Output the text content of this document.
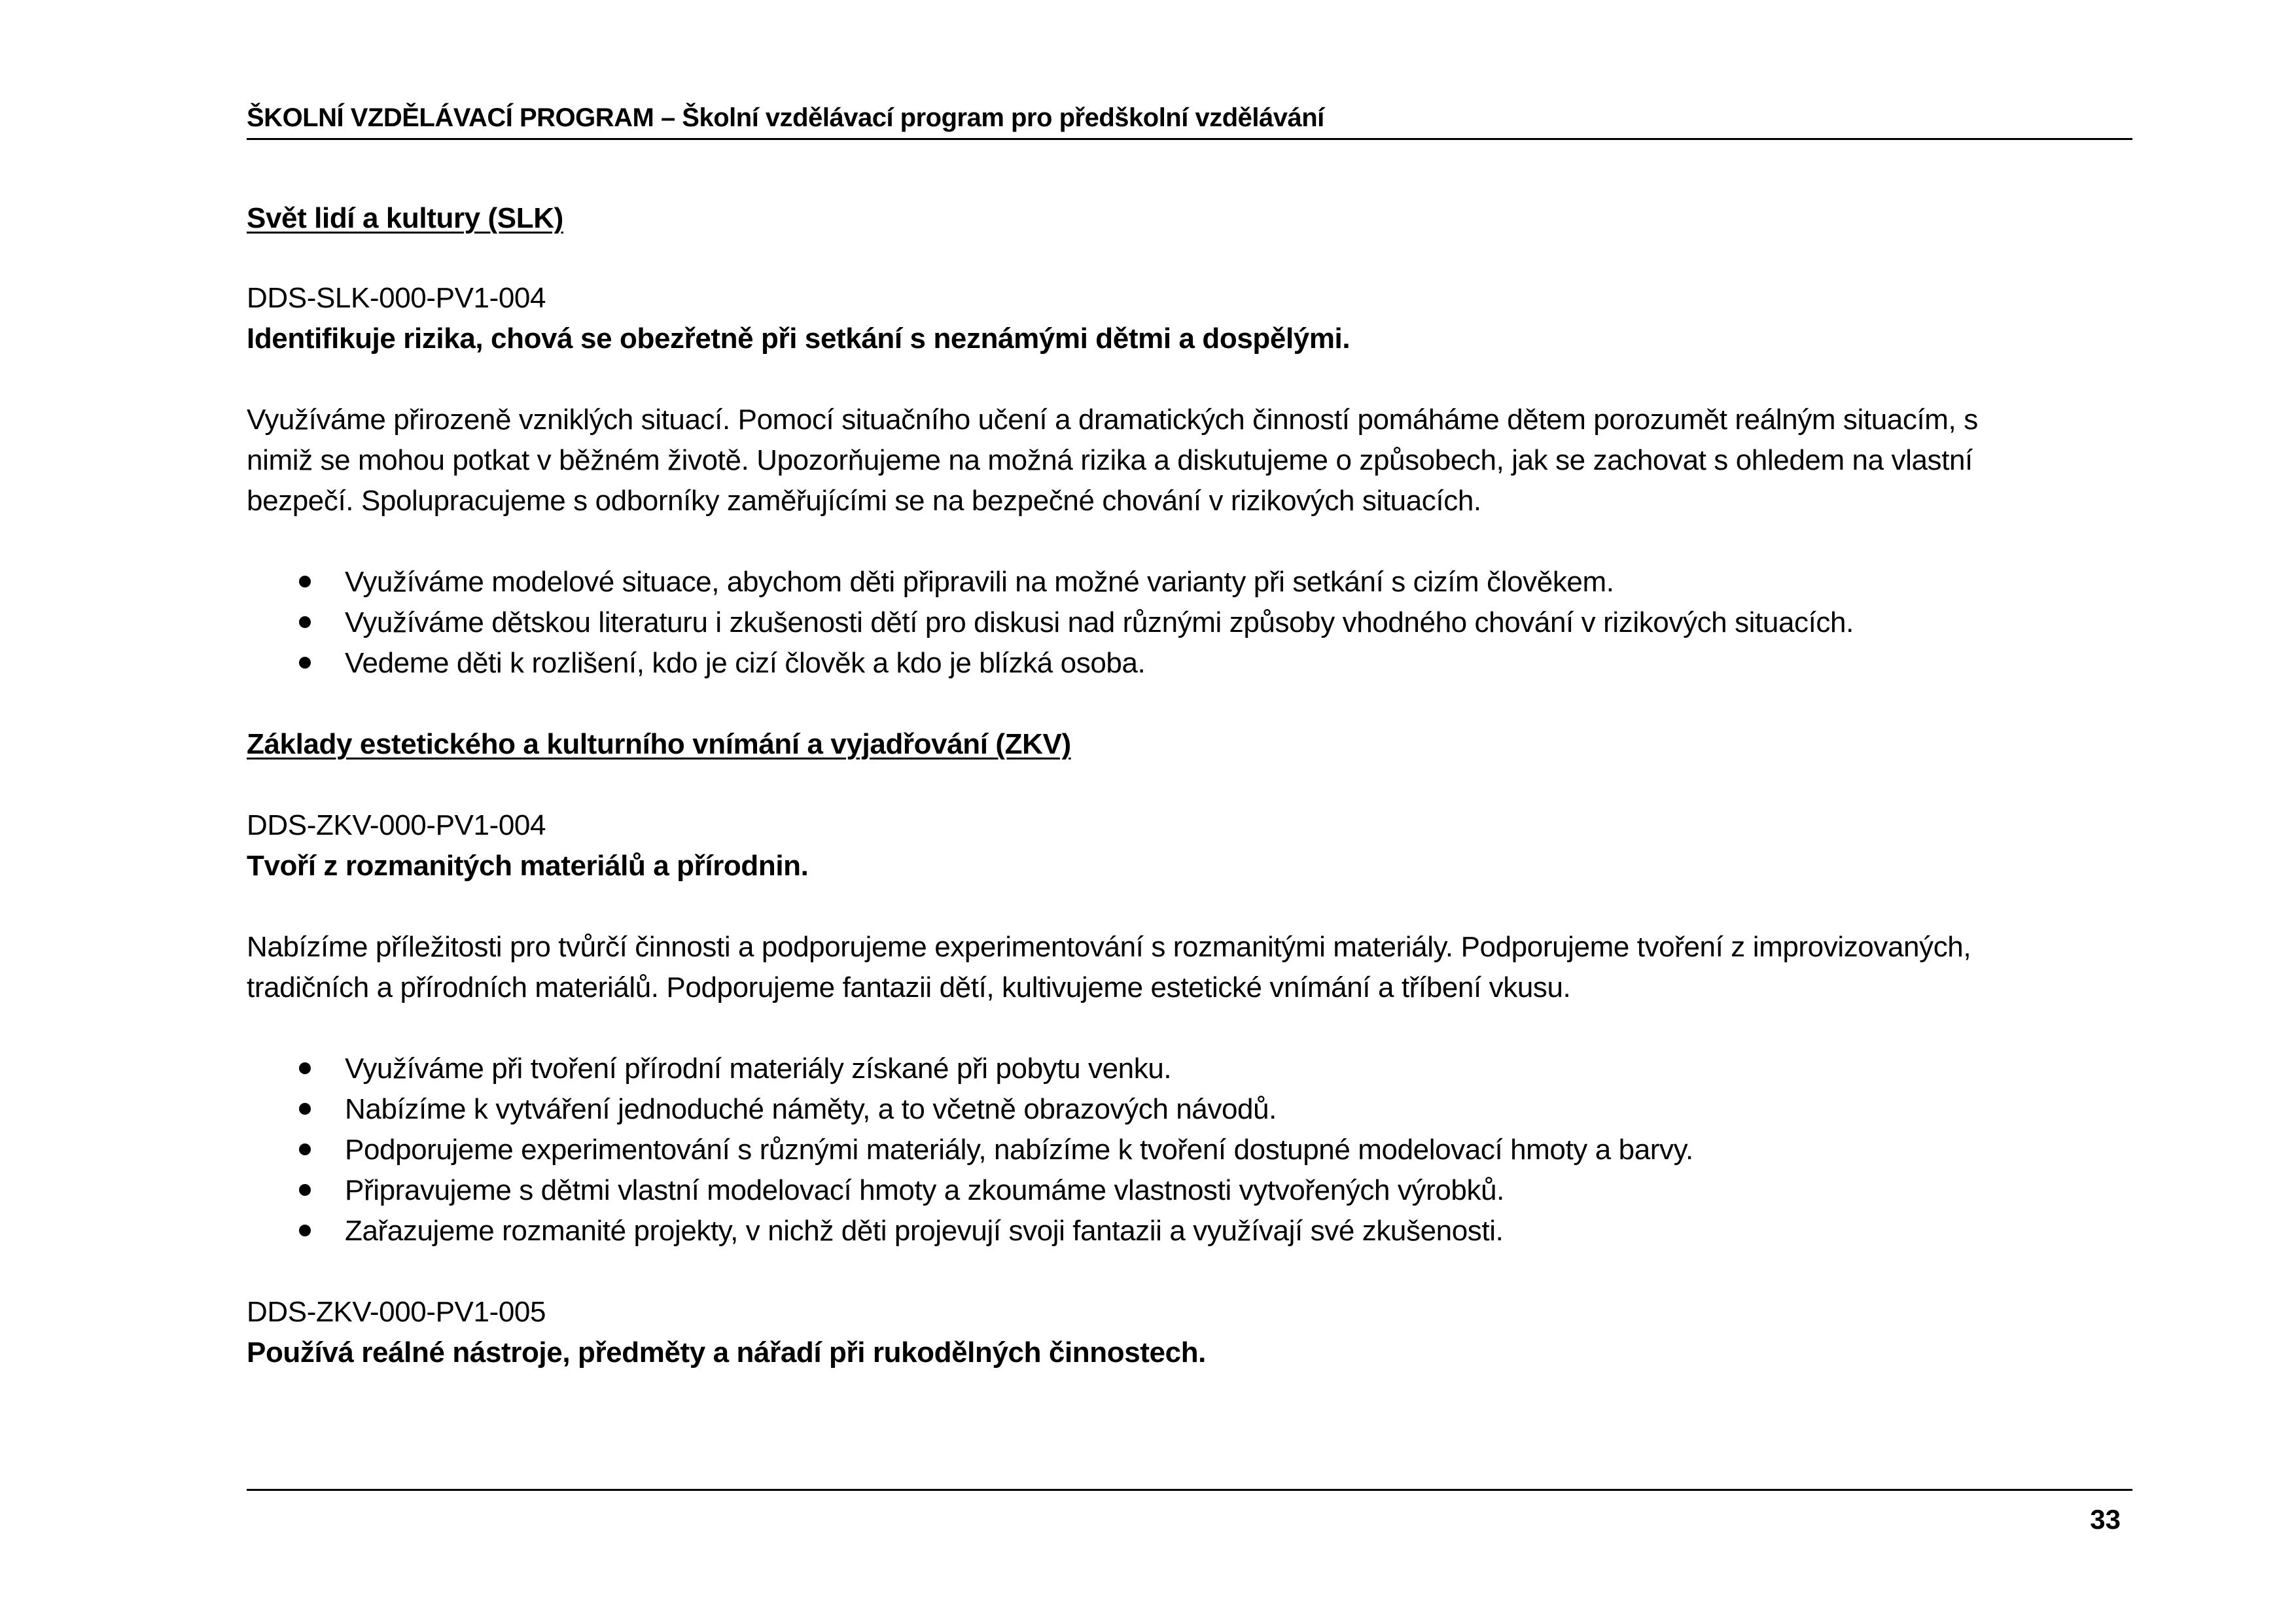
ŠKOLNÍ VZDĚLÁVACÍ PROGRAM – Školní vzdělávací program pro předškolní vzdělávání
Svět lidí a kultury (SLK)
DDS-SLK-000-PV1-004
Identifikuje rizika, chová se obezřetně při setkání s neznámými dětmi a dospělými.
Využíváme přirozeně vzniklých situací. Pomocí situačního učení a dramatických činností pomáháme dětem porozumět reálným situacím, s
nimiž se mohou potkat v běžném životě. Upozorňujeme na možná rizika a diskutujeme o způsobech, jak se zachovat s ohledem na vlastní
bezpečí. Spolupracujeme s odborníky zaměřujícími se na bezpečné chování v rizikových situacích.
Využíváme modelové situace, abychom děti připravili na možné varianty při setkání s cizím člověkem.
Využíváme dětskou literaturu i zkušenosti dětí pro diskusi nad různými způsoby vhodného chování v rizikových situacích.
Vedeme děti k rozlišení, kdo je cizí člověk a kdo je blízká osoba.
Základy estetického a kulturního vnímání a vyjadřování (ZKV)
DDS-ZKV-000-PV1-004
Tvoří z rozmanitých materiálů a přírodnin.
Nabízíme příležitosti pro tvůrčí činnosti a podporujeme experimentování s rozmanitými materiály. Podporujeme tvoření z improvizovaných,
tradičních a přírodních materiálů. Podporujeme fantazii dětí, kultivujeme estetické vnímání a tříbení vkusu.
Využíváme při tvoření přírodní materiály získané při pobytu venku.
Nabízíme k vytváření jednoduché náměty, a to včetně obrazových návodů.
Podporujeme experimentování s různými materiály, nabízíme k tvoření dostupné modelovací hmoty a barvy.
Připravujeme s dětmi vlastní modelovací hmoty a zkoumáme vlastnosti vytvořených výrobků.
Zařazujeme rozmanité projekty, v nichž děti projevují svoji fantazii a využívají své zkušenosti.
DDS-ZKV-000-PV1-005
Používá reálné nástroje, předměty a nářadí při rukodělných činnostech.
33
